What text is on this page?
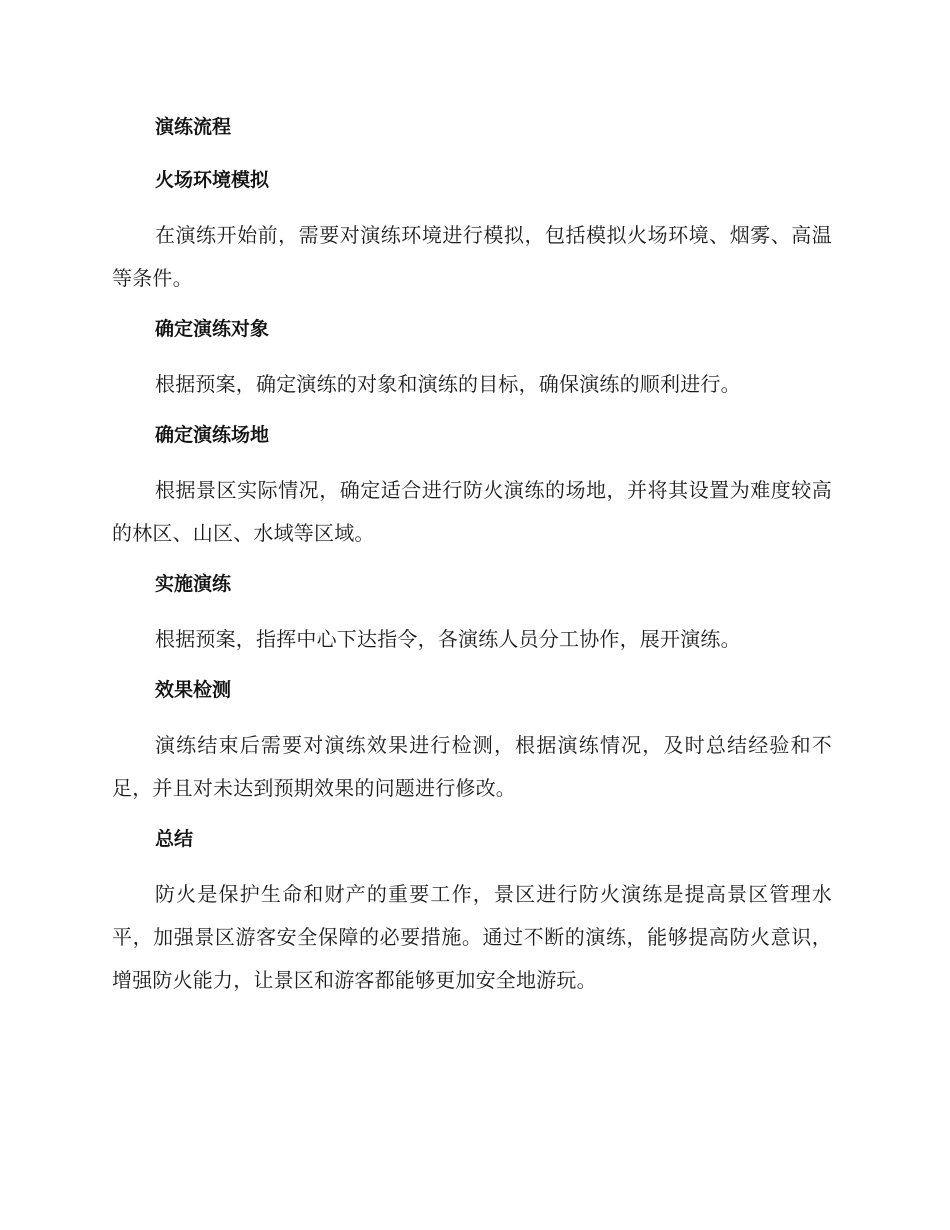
演练流程
火场环境模拟

在演练开始前，需要对演练环境进行模拟，包括模拟火场环境、烟雾、高温等条件。

确定演练对象

根据预案，确定演练的对象和演练的目标，确保演练的顺利进行。

确定演练场地

根据景区实际情况，确定适合进行防火演练的场地，并将其设置为难度较高的林区、山区、水域等区域。

实施演练

根据预案，指挥中心下达指令，各演练人员分工协作，展开演练。

效果检测

演练结束后需要对演练效果进行检测，根据演练情况，及时总结经验和不足，并且对未达到预期效果的问题进行修改。

总结

防火是保护生命和财产的重要工作，景区进行防火演练是提高景区管理水平，加强景区游客安全保障的必要措施。通过不断的演练，能够提高防火意识，增强防火能力，让景区和游客都能够更加安全地游玩。
